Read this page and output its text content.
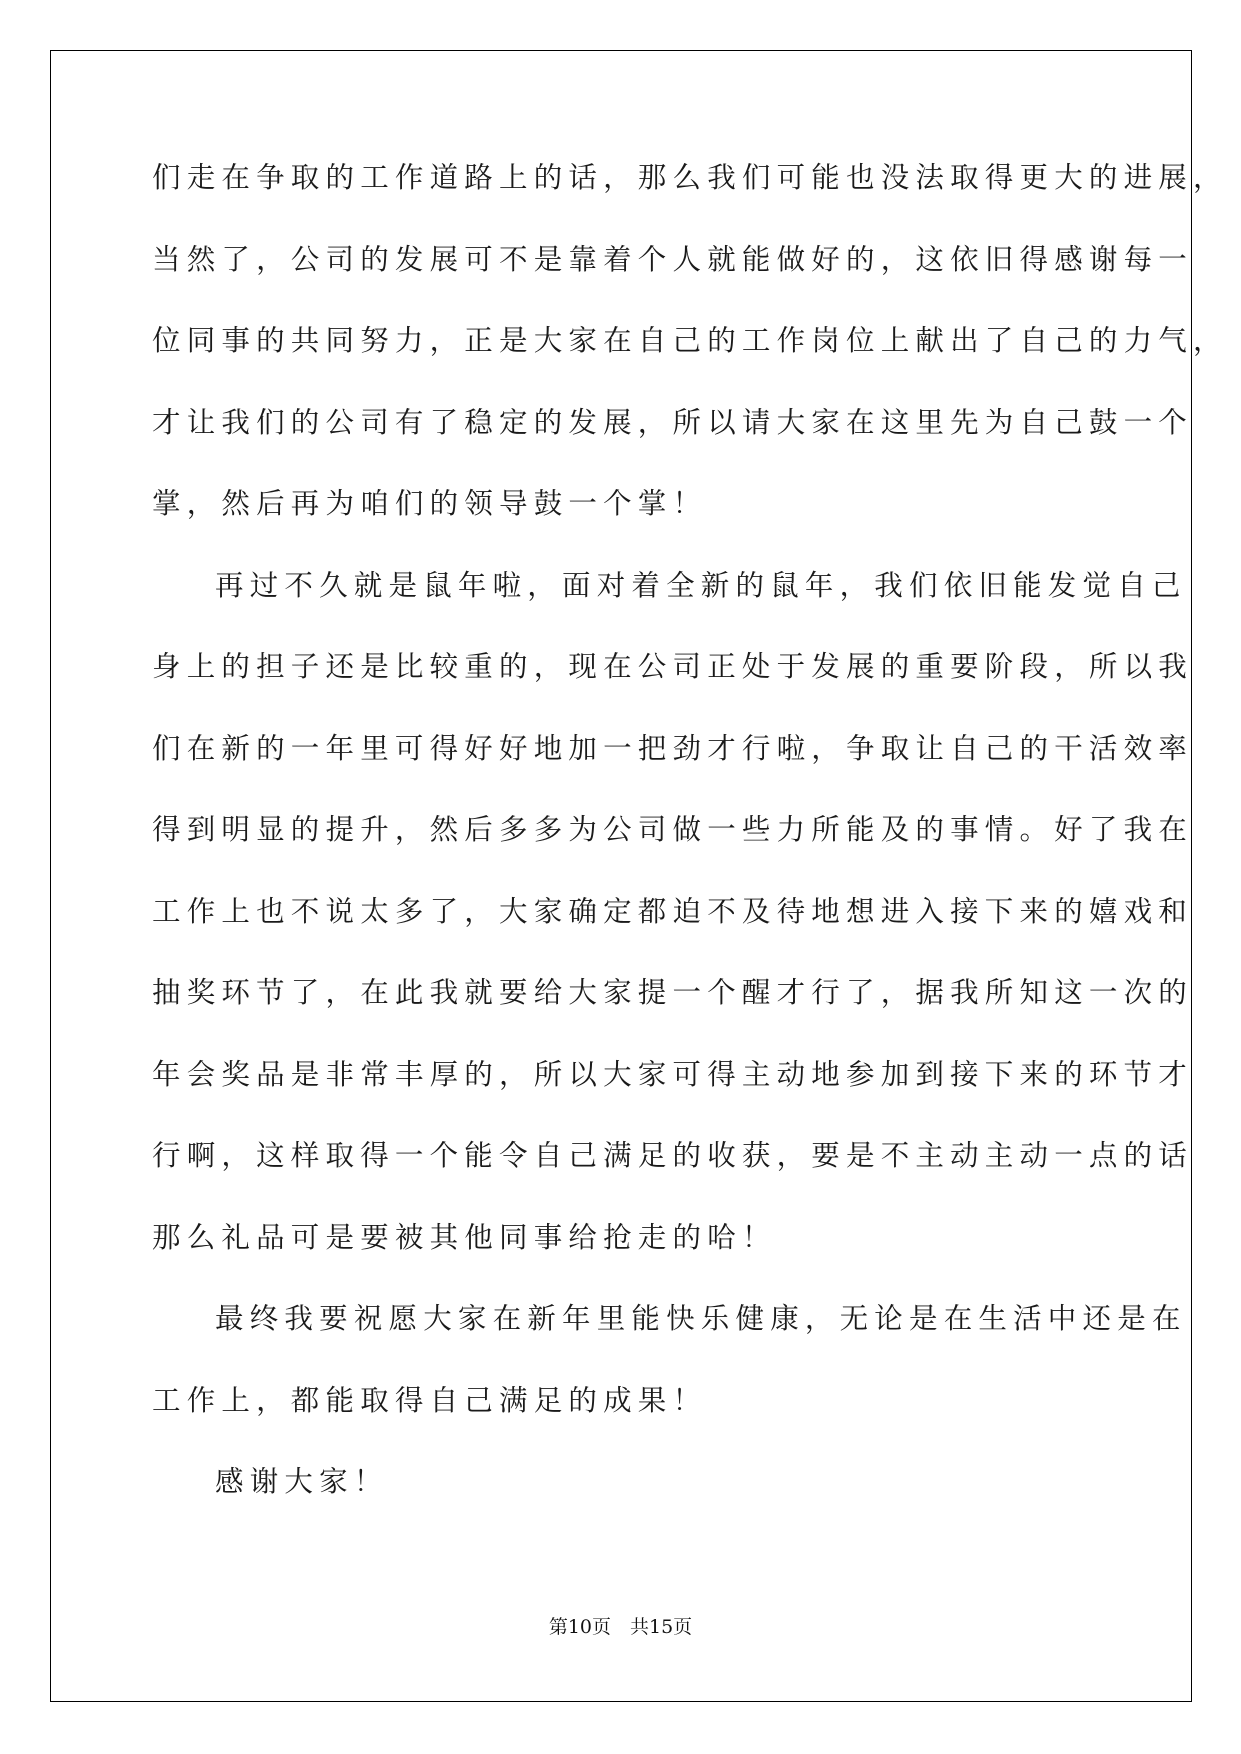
们走在争取的工作道路上的话，那么我们可能也没法取得更大的进展，
当然了，公司的发展可不是靠着个人就能做好的，这依旧得感谢每一
位同事的共同努力，正是大家在自己的工作岗位上献出了自己的力气，
才让我们的公司有了稳定的发展，所以请大家在这里先为自己鼓一个
掌，然后再为咱们的领导鼓一个掌！
再过不久就是鼠年啦，面对着全新的鼠年，我们依旧能发觉自己
身上的担子还是比较重的，现在公司正处于发展的重要阶段，所以我
们在新的一年里可得好好地加一把劲才行啦，争取让自己的干活效率
得到明显的提升，然后多多为公司做一些力所能及的事情。好了我在
工作上也不说太多了，大家确定都迫不及待地想进入接下来的嬉戏和
抽奖环节了，在此我就要给大家提一个醒才行了，据我所知这一次的
年会奖品是非常丰厚的，所以大家可得主动地参加到接下来的环节才
行啊，这样取得一个能令自己满足的收获，要是不主动主动一点的话
那么礼品可是要被其他同事给抢走的哈！
最终我要祝愿大家在新年里能快乐健康，无论是在生活中还是在
工作上，都能取得自己满足的成果！
感谢大家！
第10页　共15页
